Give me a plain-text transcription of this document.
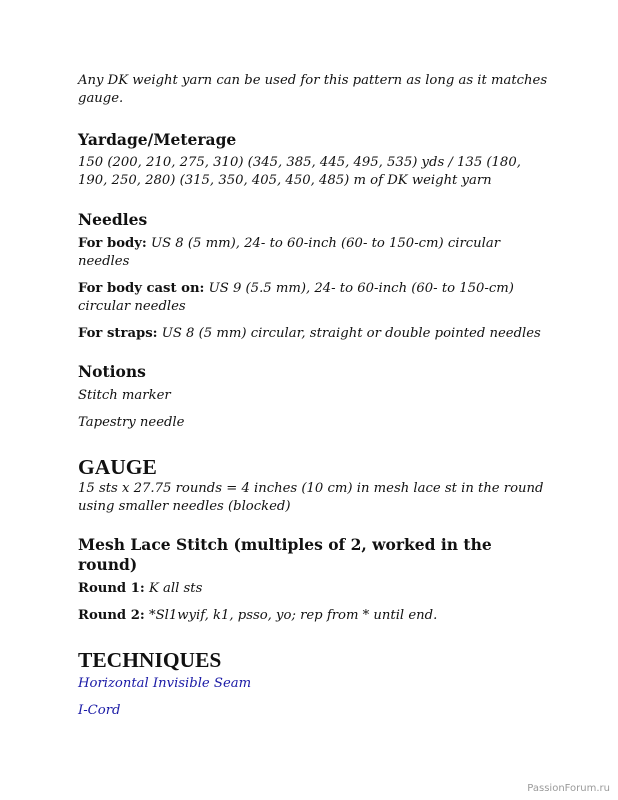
Any DK weight yarn can be used for this pattern as long as it matches gauge.

Yardage/Meterage

150 (200, 210, 275, 310) (345, 385, 445, 495, 535) yds / 135 (180, 190, 250, 280) (315, 350, 405, 450, 485) m of DK weight yarn

Needles

For body: US 8 (5 mm), 24- to 60-inch (60- to 150-cm) circular needles

For body cast on: US 9 (5.5 mm), 24- to 60-inch (60- to 150-cm) circular needles

For straps: US 8 (5 mm) circular, straight or double pointed needles

Notions

Stitch marker

Tapestry needle

GAUGE

15 sts x 27.75 rounds = 4 inches (10 cm) in mesh lace st in the round using smaller needles (blocked)

Mesh Lace Stitch (multiples of 2, worked in the round)

Round 1: K all sts

Round 2: *Sl1wyif, k1, psso, yo; rep from * until end.

TECHNIQUES
Horizontal Invisible Seam
I-Cord
PassionForum.ru
